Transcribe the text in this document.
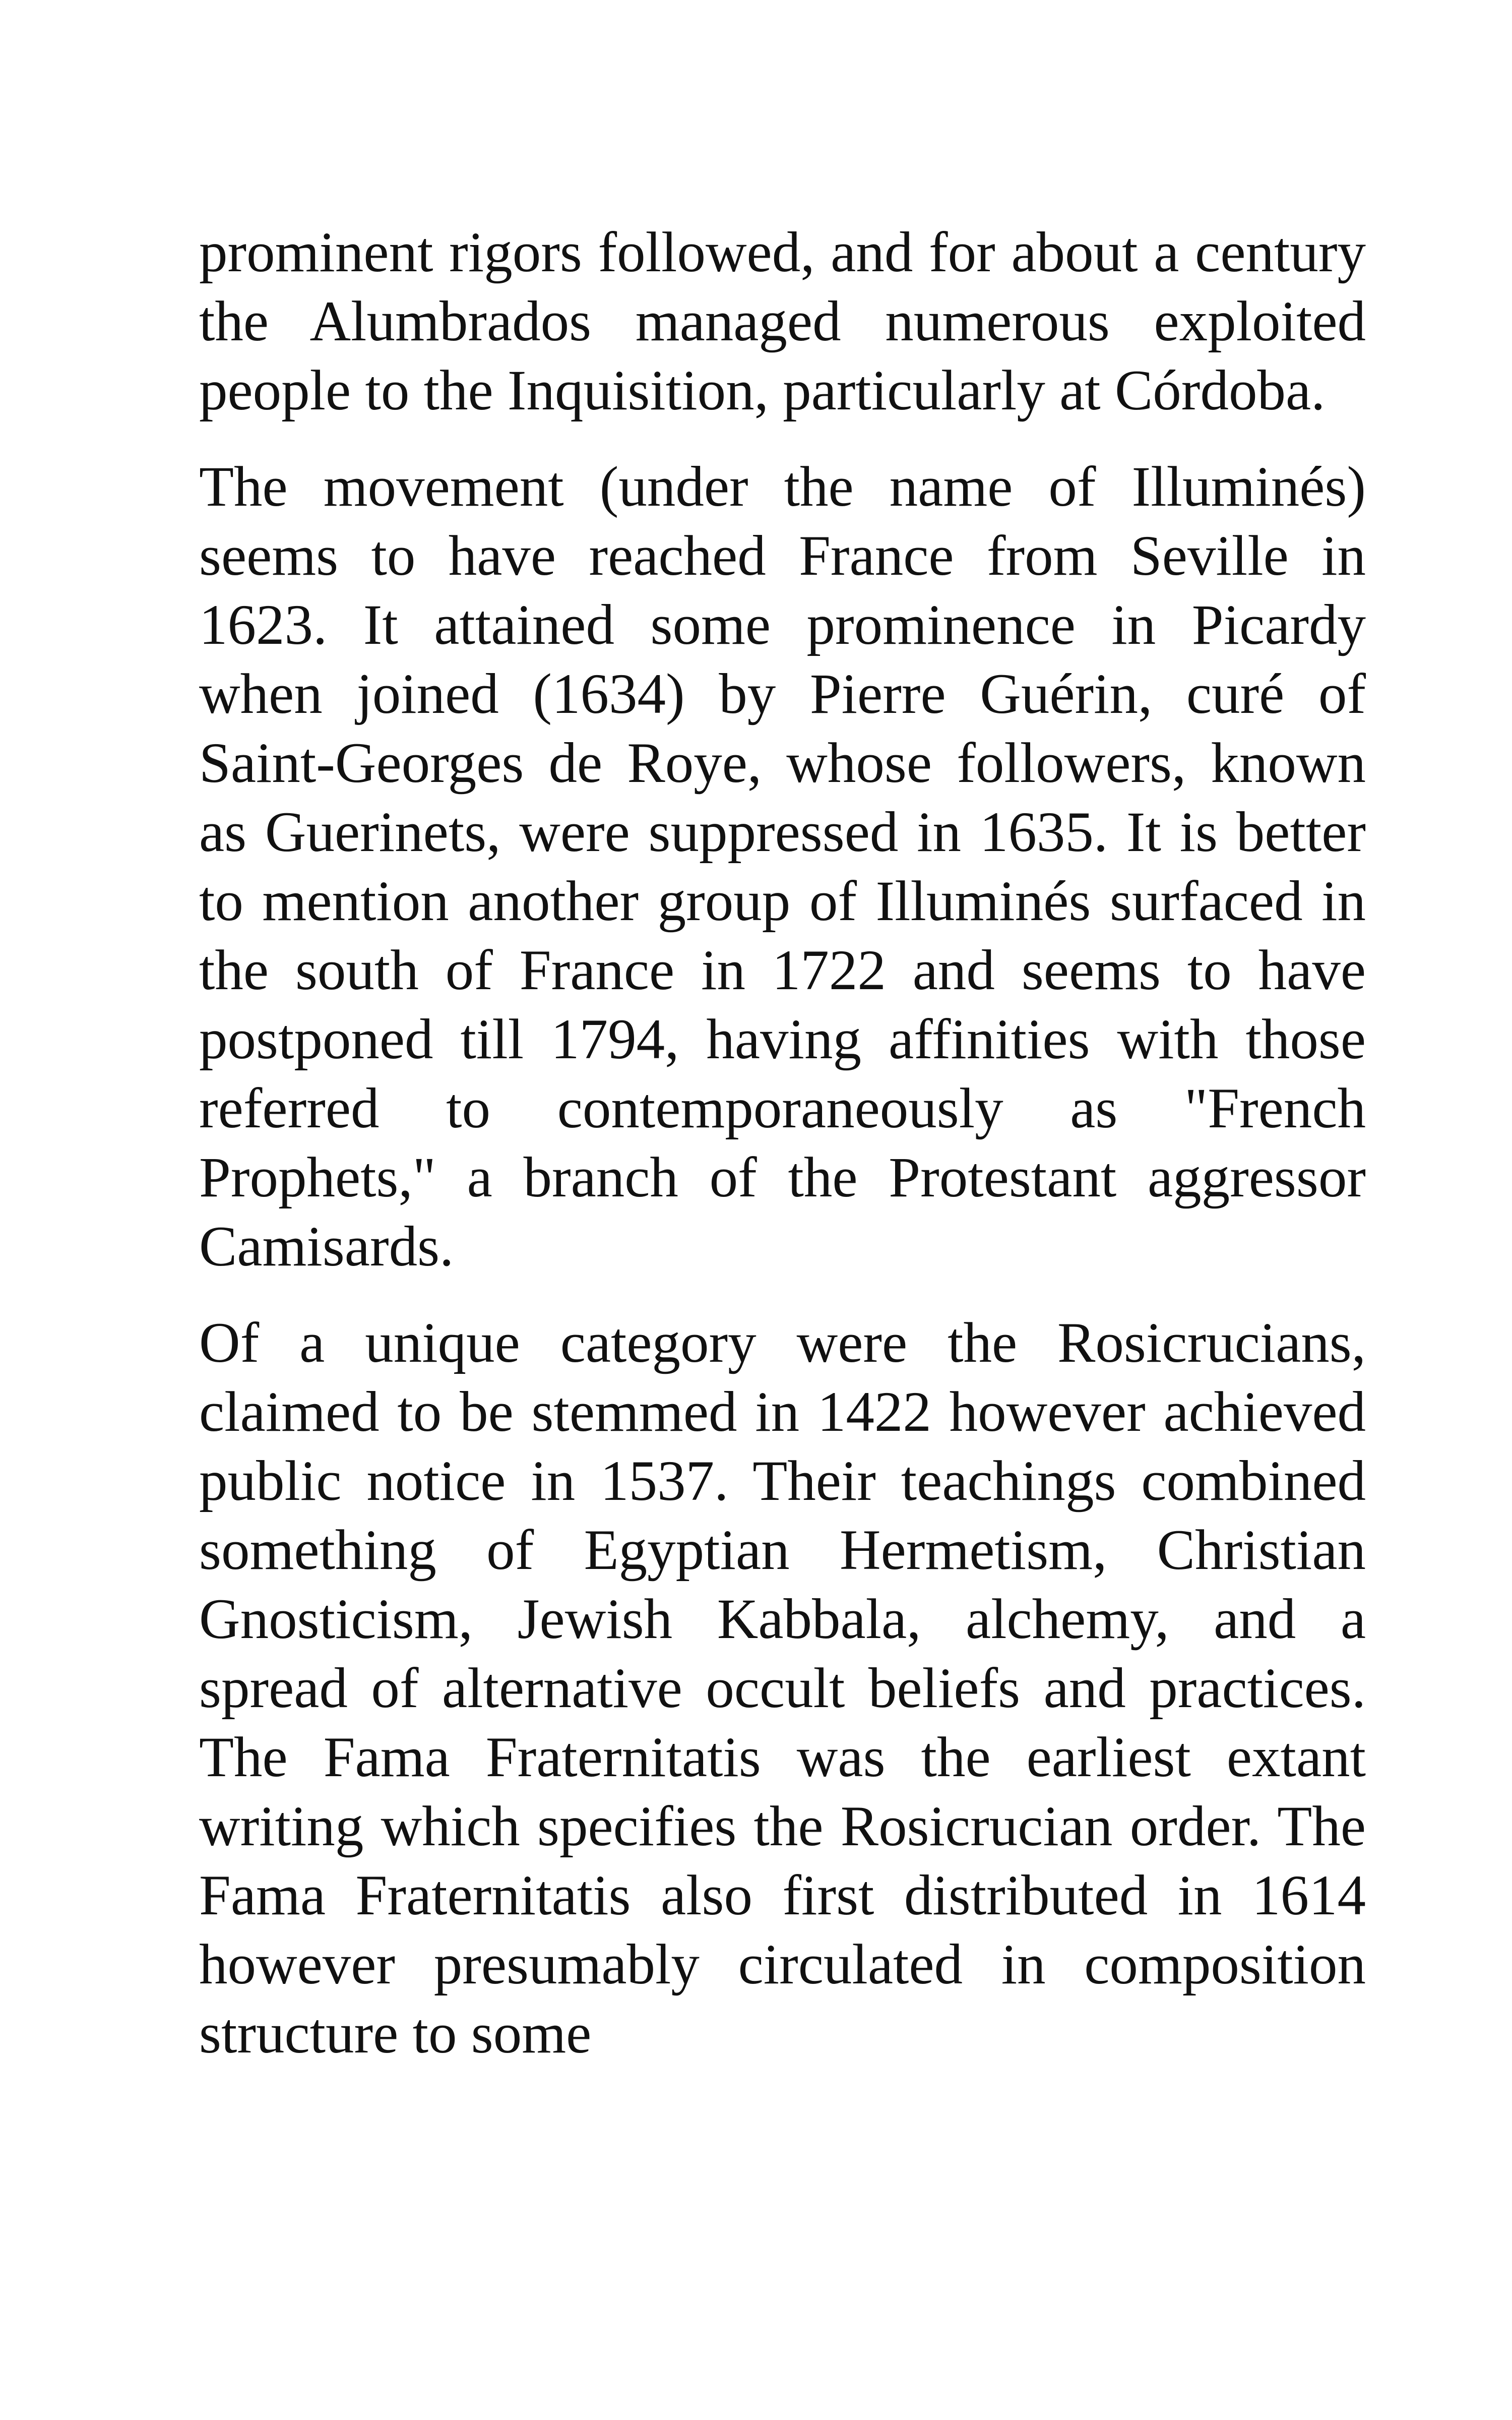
prominent rigors followed, and for about a century the Alumbrados managed numerous exploited people to the Inquisition, particularly at Córdoba.

The movement (under the name of Illuminés) seems to have reached France from Seville in 1623. It attained some prominence in Picardy when joined (1634) by Pierre Guérin, curé of Saint-Georges de Roye, whose followers, known as Guerinets, were suppressed in 1635. It is better to mention another group of Illuminés surfaced in the south of France in 1722 and seems to have postponed till 1794, having affinities with those referred to contemporaneously as "French Prophets," a branch of the Protestant aggressor Camisards.

Of a unique category were the Rosicrucians, claimed to be stemmed in 1422 however achieved public notice in 1537. Their teachings combined something of Egyptian Hermetism, Christian Gnosticism, Jewish Kabbala, alchemy, and a spread of alternative occult beliefs and practices. The Fama Fraternitatis was the earliest extant writing which specifies the Rosicrucian order. The Fama Fraternitatis also first distributed in 1614 however presumably circulated in composition structure to some
